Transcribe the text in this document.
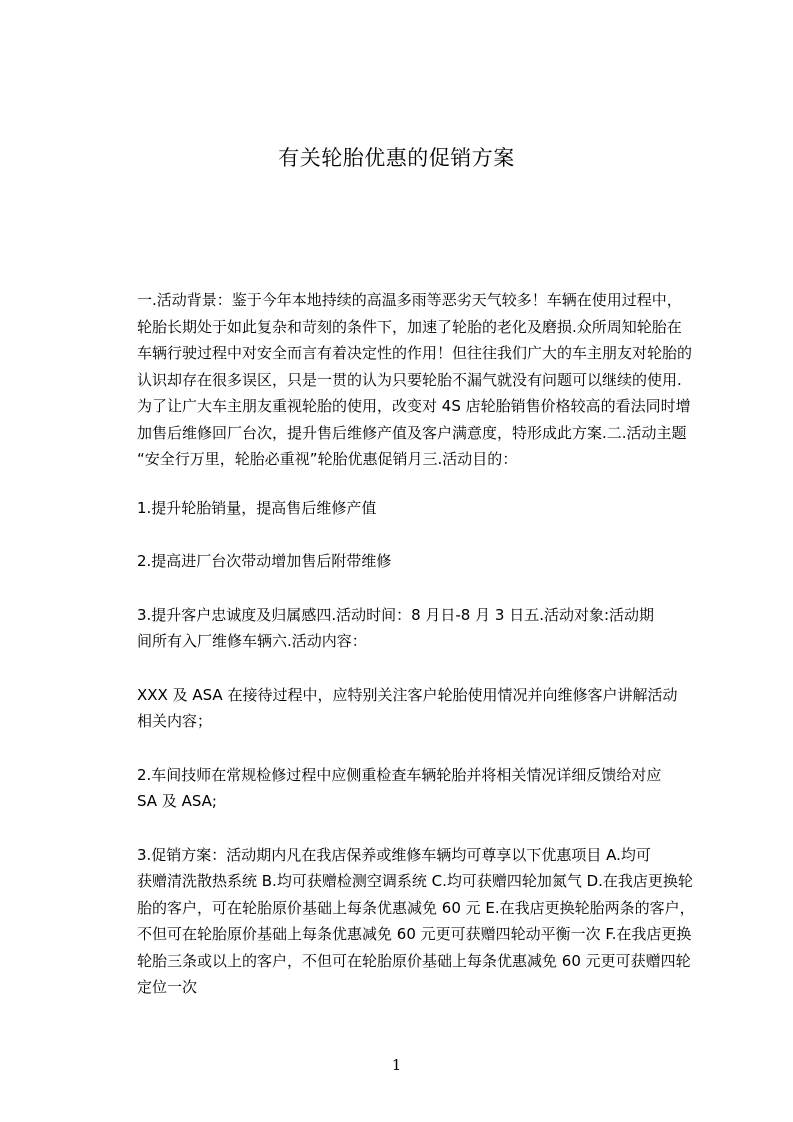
有关轮胎优惠的促销方案

一.活动背景：鉴于今年本地持续的高温多雨等恶劣天气较多！车辆在使用过程中，
轮胎长期处于如此复杂和苛刻的条件下，加速了轮胎的老化及磨损.众所周知轮胎在
车辆行驶过程中对安全而言有着决定性的作用！但往往我们广大的车主朋友对轮胎的
认识却存在很多误区，只是一贯的认为只要轮胎不漏气就没有问题可以继续的使用.
为了让广大车主朋友重视轮胎的使用，改变对 4S 店轮胎销售价格较高的看法同时增
加售后维修回厂台次，提升售后维修产值及客户满意度，特形成此方案.二.活动主题
“安全行万里，轮胎必重视”轮胎优惠促销月三.活动目的：

1.提升轮胎销量，提高售后维修产值

2.提高进厂台次带动增加售后附带维修

3.提升客户忠诚度及归属感四.活动时间：8 月日-8 月 3 日五.活动对象:活动期
间所有入厂维修车辆六.活动内容：

XXX 及 ASA 在接待过程中，应特别关注客户轮胎使用情况并向维修客户讲解活动
相关内容；

2.车间技师在常规检修过程中应侧重检查车辆轮胎并将相关情况详细反馈给对应
SA 及 ASA;

3.促销方案：活动期内凡在我店保养或维修车辆均可尊享以下优惠项目 A.均可
获赠清洗散热系统 B.均可获赠检测空调系统 C.均可获赠四轮加氮气 D.在我店更换轮
胎的客户，可在轮胎原价基础上每条优惠减免 60 元 E.在我店更换轮胎两条的客户，
不但可在轮胎原价基础上每条优惠减免 60 元更可获赠四轮动平衡一次 F.在我店更换
轮胎三条或以上的客户，不但可在轮胎原价基础上每条优惠减免 60 元更可获赠四轮
定位一次

1
